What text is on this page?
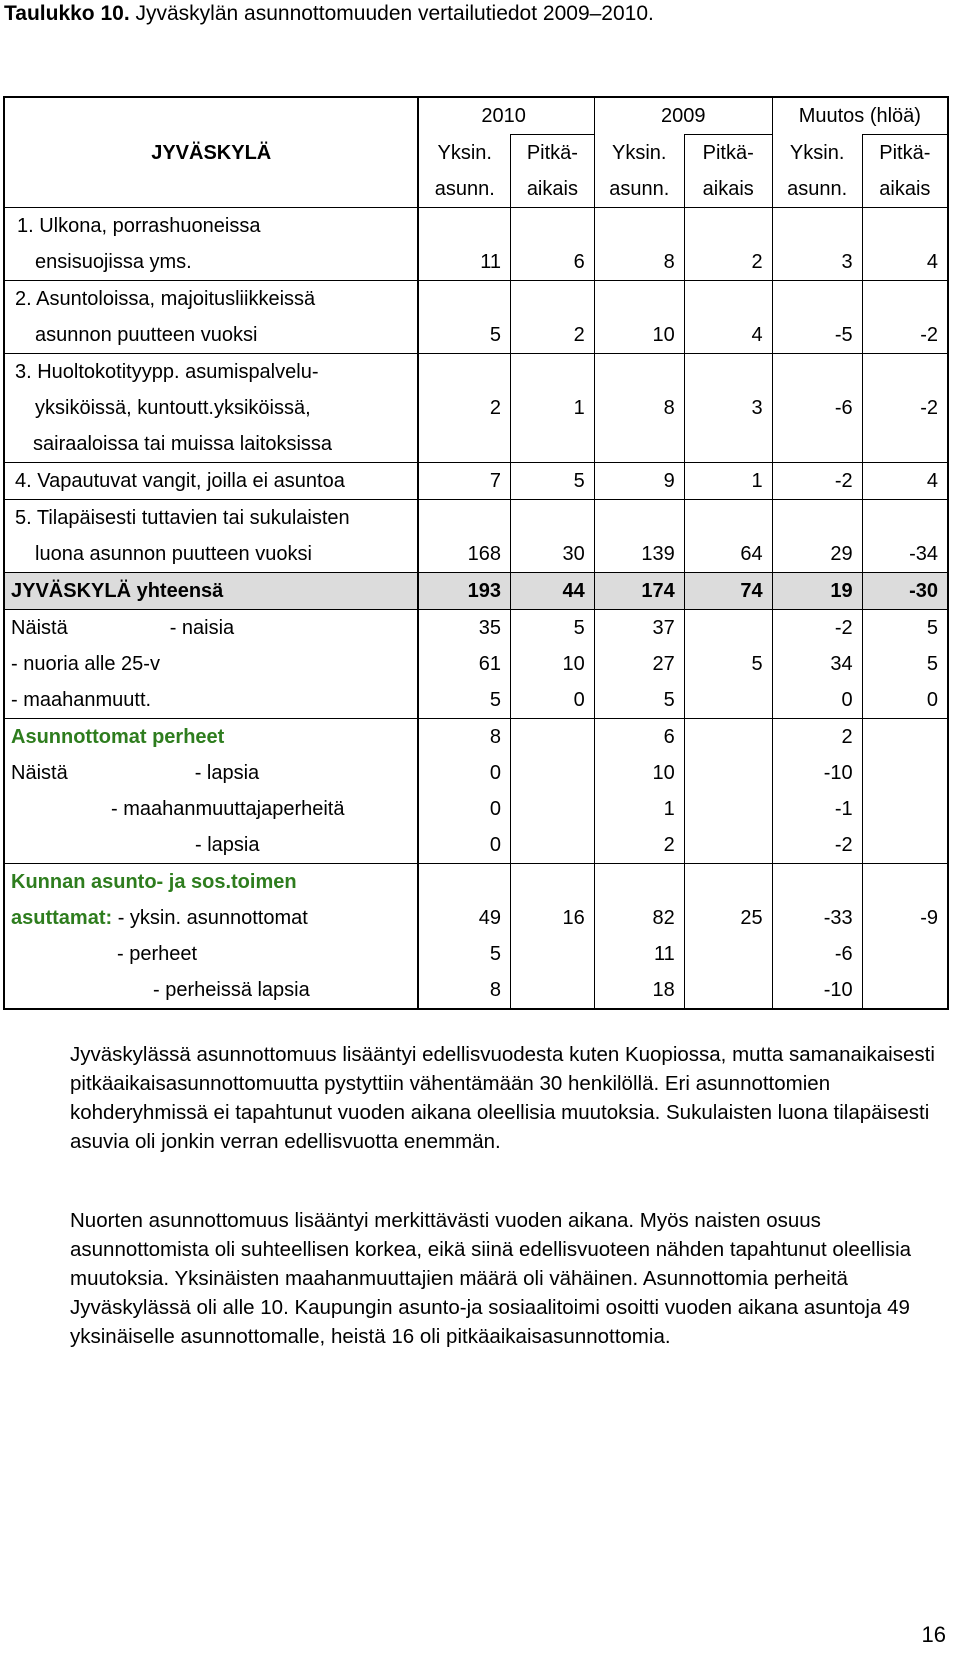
Taulukko 10. Jyväskylän asunnottomuuden vertailutiedot 2009–2010.
	2010		2009		Muutos (hlöä)	
JYVÄSKYLÄ	Yksin.	Pitkä-	Yksin.	Pitkä-	Yksin.	Pitkä-
	asunn.	aikais	asunn.	aikais	asunn.	aikais
1. Ulkona, porrashuoneissa						
ensisuojissa yms.	11	6	8	2	3	4
2. Asuntoloissa, majoitusliikkeissä						
asunnon puutteen vuoksi	5	2	10	4	-5	-2
3. Huoltokotityypp. asumispalvelu-						
yksiköissä, kuntoutt.yksiköissä,	2	1	8	3	-6	-2
sairaaloissa tai muissa laitoksissa						
4. Vapautuvat vangit, joilla ei asuntoa	7	5	9	1	-2	4
5. Tilapäisesti tuttavien tai sukulaisten						
luona asunnon puutteen vuoksi	168	30	139	64	29	-34
JYVÄSKYLÄ yhteensä	193	44	174	74	19	-30
Näistä - naisia	35	5	37		-2	5
- nuoria alle 25-v	61	10	27	5	34	5
- maahanmuutt.	5	0	5		0	0
Asunnottomat perheet	8		6		2	
Näistä - lapsia	0		10		-10	
- maahanmuuttajaperheitä	0		1		-1	
- lapsia	0		2		-2	
Kunnan asunto- ja sos.toimen						
asuttamat: - yksin. asunnottomat	49	16	82	25	-33	-9
- perheet	5		11		-6	
- perheissä lapsia	8		18		-10	
Jyväskylässä asunnottomuus lisääntyi edellisvuodesta kuten Kuopiossa, mutta samanaikaisesti pitkäaikaisasunnottomuutta pystyttiin vähentämään 30 henkilöllä. Eri asunnottomien kohderyhmissä ei tapahtunut vuoden aikana oleellisia muutoksia. Sukulaisten luona tilapäisesti asuvia oli jonkin verran edellisvuotta enemmän.
Nuorten asunnottomuus lisääntyi merkittävästi vuoden aikana. Myös naisten osuus asunnottomista oli suhteellisen korkea, eikä siinä edellisvuoteen nähden tapahtunut oleellisia muutoksia. Yksinäisten maahanmuuttajien määrä oli vähäinen. Asunnottomia perheitä Jyväskylässä oli alle 10. Kaupungin asunto-ja sosiaalitoimi osoitti vuoden aikana asuntoja 49 yksinäiselle asunnottomalle, heistä 16 oli pitkäaikaisasunnottomia.
16
